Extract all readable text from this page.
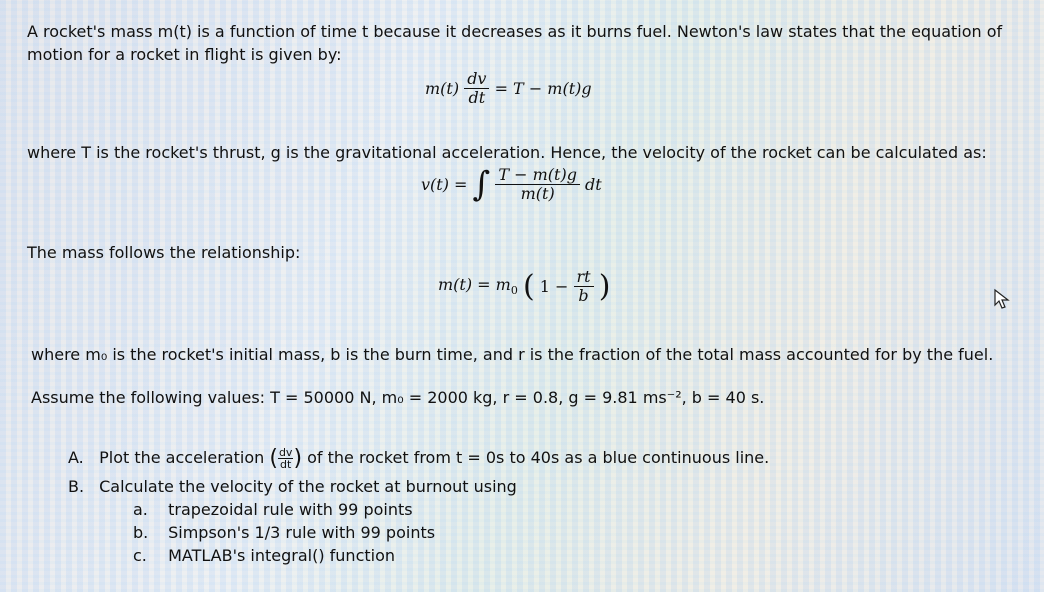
A rocket's mass m(t) is a function of time t because it decreases as it burns fuel. Newton's law states that the equation of
motion for a rocket in flight is given by:
$m(t) \frac{dv}{dt} = T - m(t)g$
where T is the rocket's thrust, g is the gravitational acceleration. Hence, the velocity of the rocket can be calculated as:
v(t) = ∫ $\frac{T - m(t)g}{m(t)}$ dt
The mass follows the relationship:
$m(t) = m_0$ ( $1 - \frac{rt}{b}$ )
where m₀ is the rocket's initial mass, b is the burn time, and r is the fraction of the total mass accounted for by the fuel.
Assume the following values: T = 50000 N, m₀ = 2000 kg, r = 0.8, g = 9.81 ms⁻², b = 40 s.
A. Plot the acceleration ( $\frac{dv}{dt}$ ) of the rocket from t = 0s to 40s as a blue continuous line.
B. Calculate the velocity of the rocket at burnout using
a. trapezoidal rule with 99 points
b. Simpson's 1/3 rule with 99 points
c. MATLAB's integral() function
